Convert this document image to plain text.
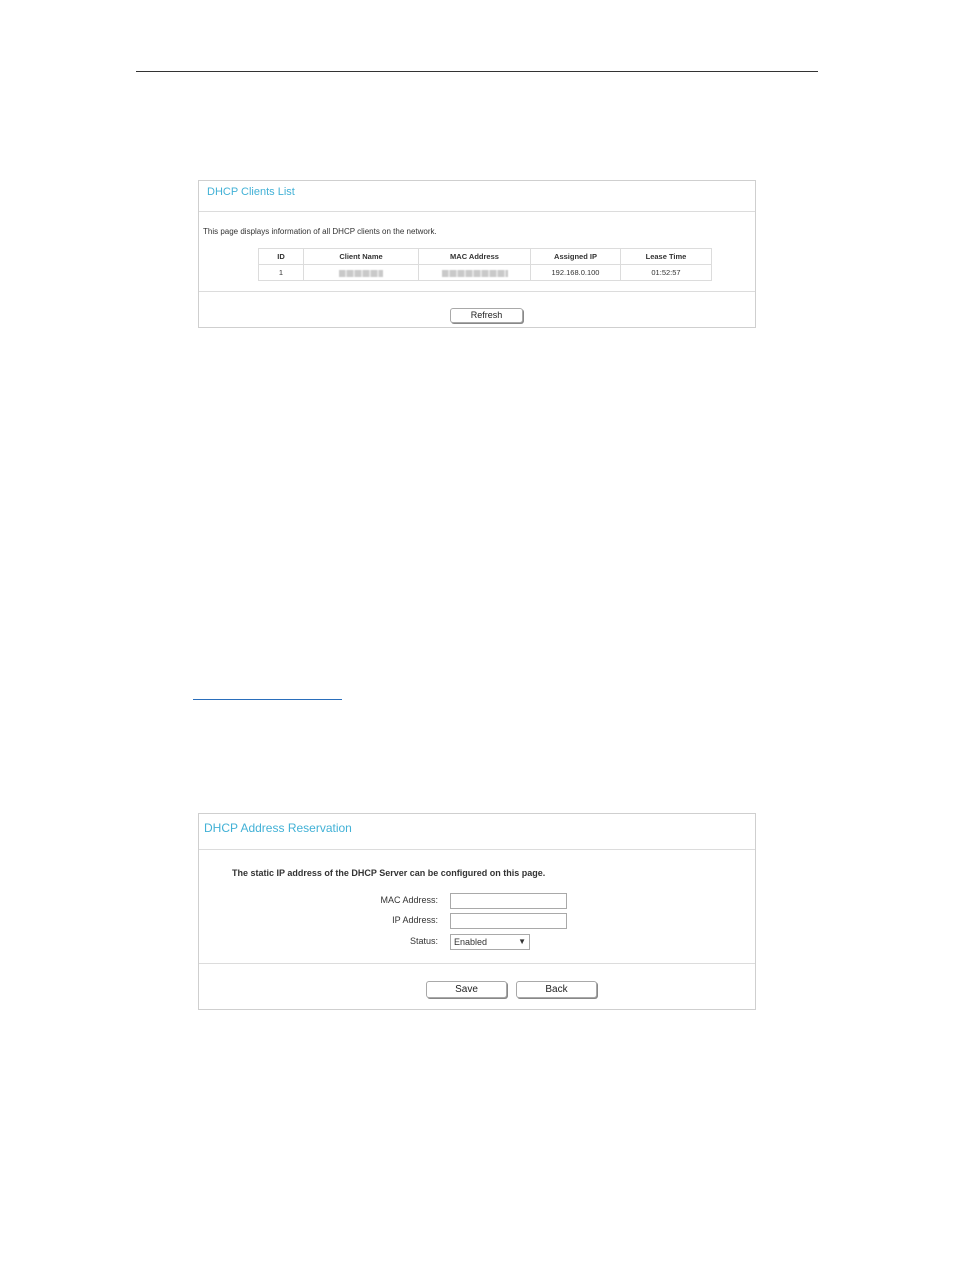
DHCP Clients List
This page displays information of all DHCP clients on the network.
ID	Client Name	MAC Address	Assigned IP	Lease Time
1			192.168.0.100	01:52:57
Refresh
DHCP Address Reservation
The static IP address of the DHCP Server can be configured on this page.
MAC Address:
IP Address:
Status:	Enabled	▼
Save	Back
